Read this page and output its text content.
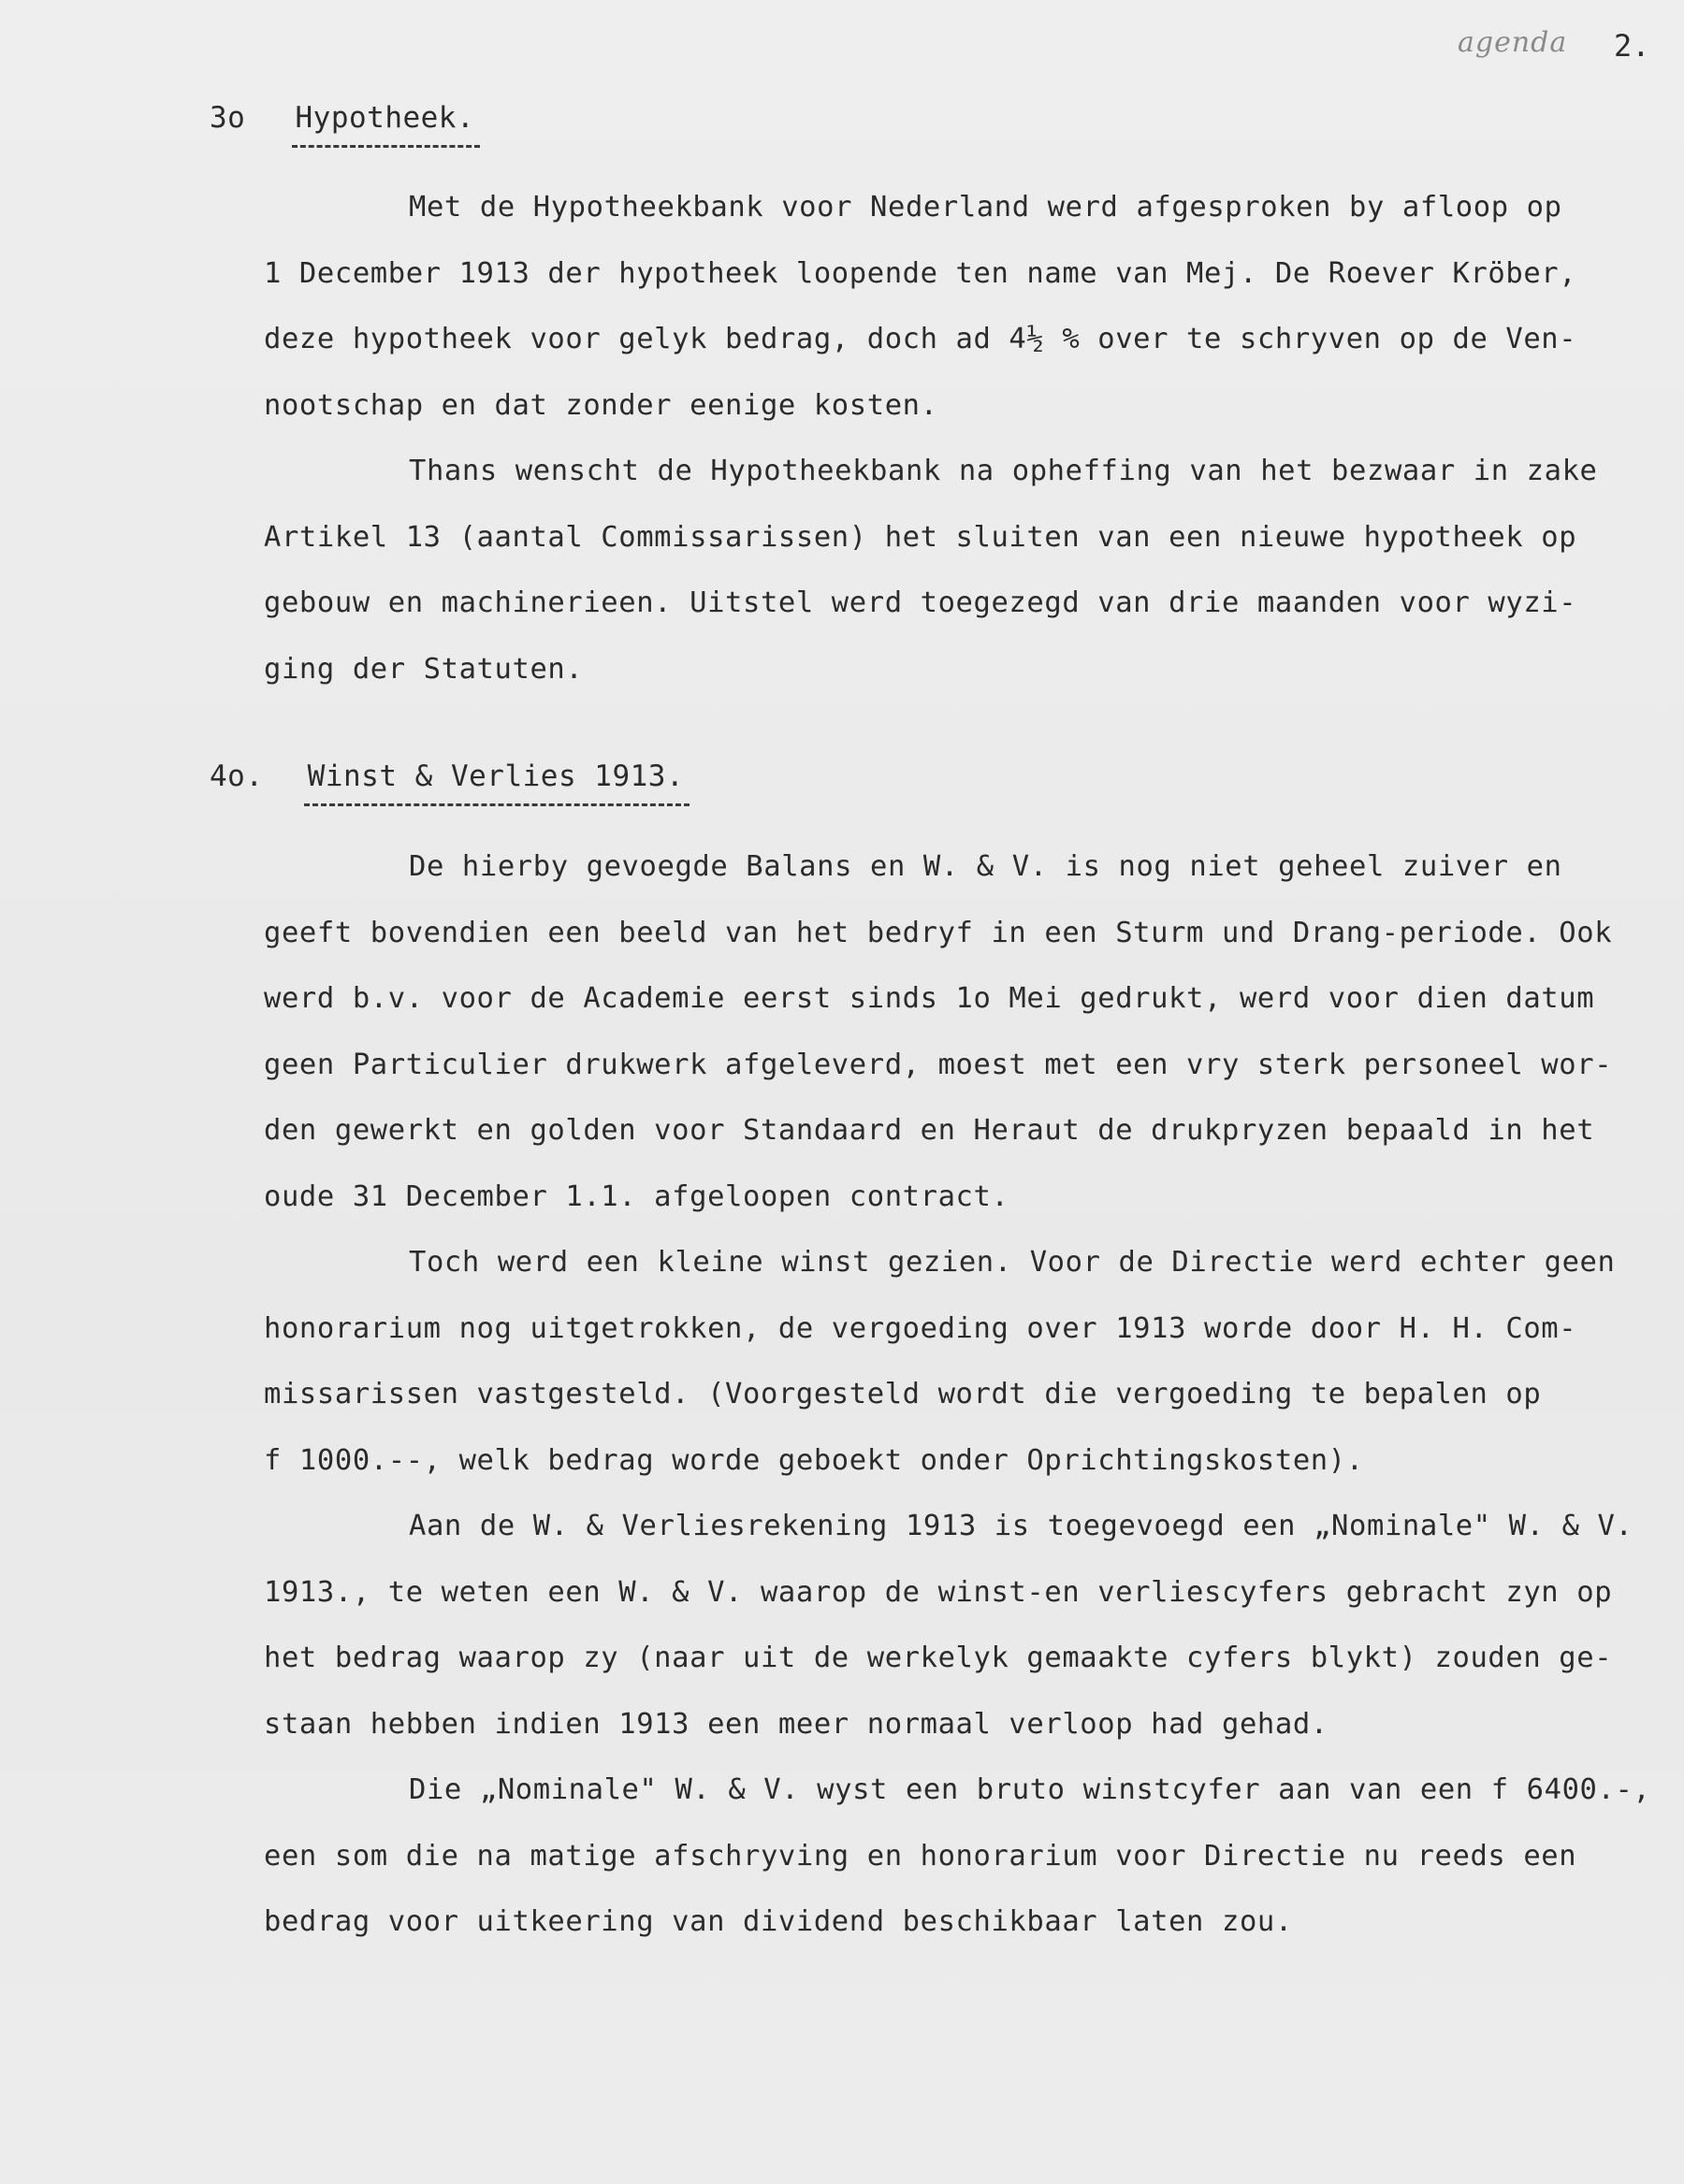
agenda 2.
3o Hypotheek.
Met de Hypotheekbank voor Nederland werd afgesproken by afloop op
1 December 1913 der hypotheek loopende ten name van Mej. De Roever Kröber,
deze hypotheek voor gelyk bedrag, doch ad 4½ % over te schryven op de Ven-
nootschap en dat zonder eenige kosten.
Thans wenscht de Hypotheekbank na opheffing van het bezwaar in zake
Artikel 13 (aantal Commissarissen) het sluiten van een nieuwe hypotheek op
gebouw en machinerieen. Uitstel werd toegezegd van drie maanden voor wyzi-
ging der Statuten.
4o. Winst & Verlies 1913.
De hierby gevoegde Balans en W. & V. is nog niet geheel zuiver en
geeft bovendien een beeld van het bedryf in een Sturm und Drang-periode. Ook
werd b.v. voor de Academie eerst sinds 1o Mei gedrukt, werd voor dien datum
geen Particulier drukwerk afgeleverd, moest met een vry sterk personeel wor-
den gewerkt en golden voor Standaard en Heraut de drukpryzen bepaald in het
oude 31 December 1.1. afgeloopen contract.
Toch werd een kleine winst gezien. Voor de Directie werd echter geen
honorarium nog uitgetrokken, de vergoeding over 1913 worde door H. H. Com-
missarissen vastgesteld. (Voorgesteld wordt die vergoeding te bepalen op
f 1000.--, welk bedrag worde geboekt onder Oprichtingskosten).
Aan de W. & Verliesrekening 1913 is toegevoegd een „Nominale" W. & V.
1913., te weten een W. & V. waarop de winst-en verliescyfers gebracht zyn op
het bedrag waarop zy (naar uit de werkelyk gemaakte cyfers blykt) zouden ge-
staan hebben indien 1913 een meer normaal verloop had gehad.
Die „Nominale" W. & V. wyst een bruto winstcyfer aan van een f 6400.-,
een som die na matige afschryving en honorarium voor Directie nu reeds een
bedrag voor uitkeering van dividend beschikbaar laten zou.
